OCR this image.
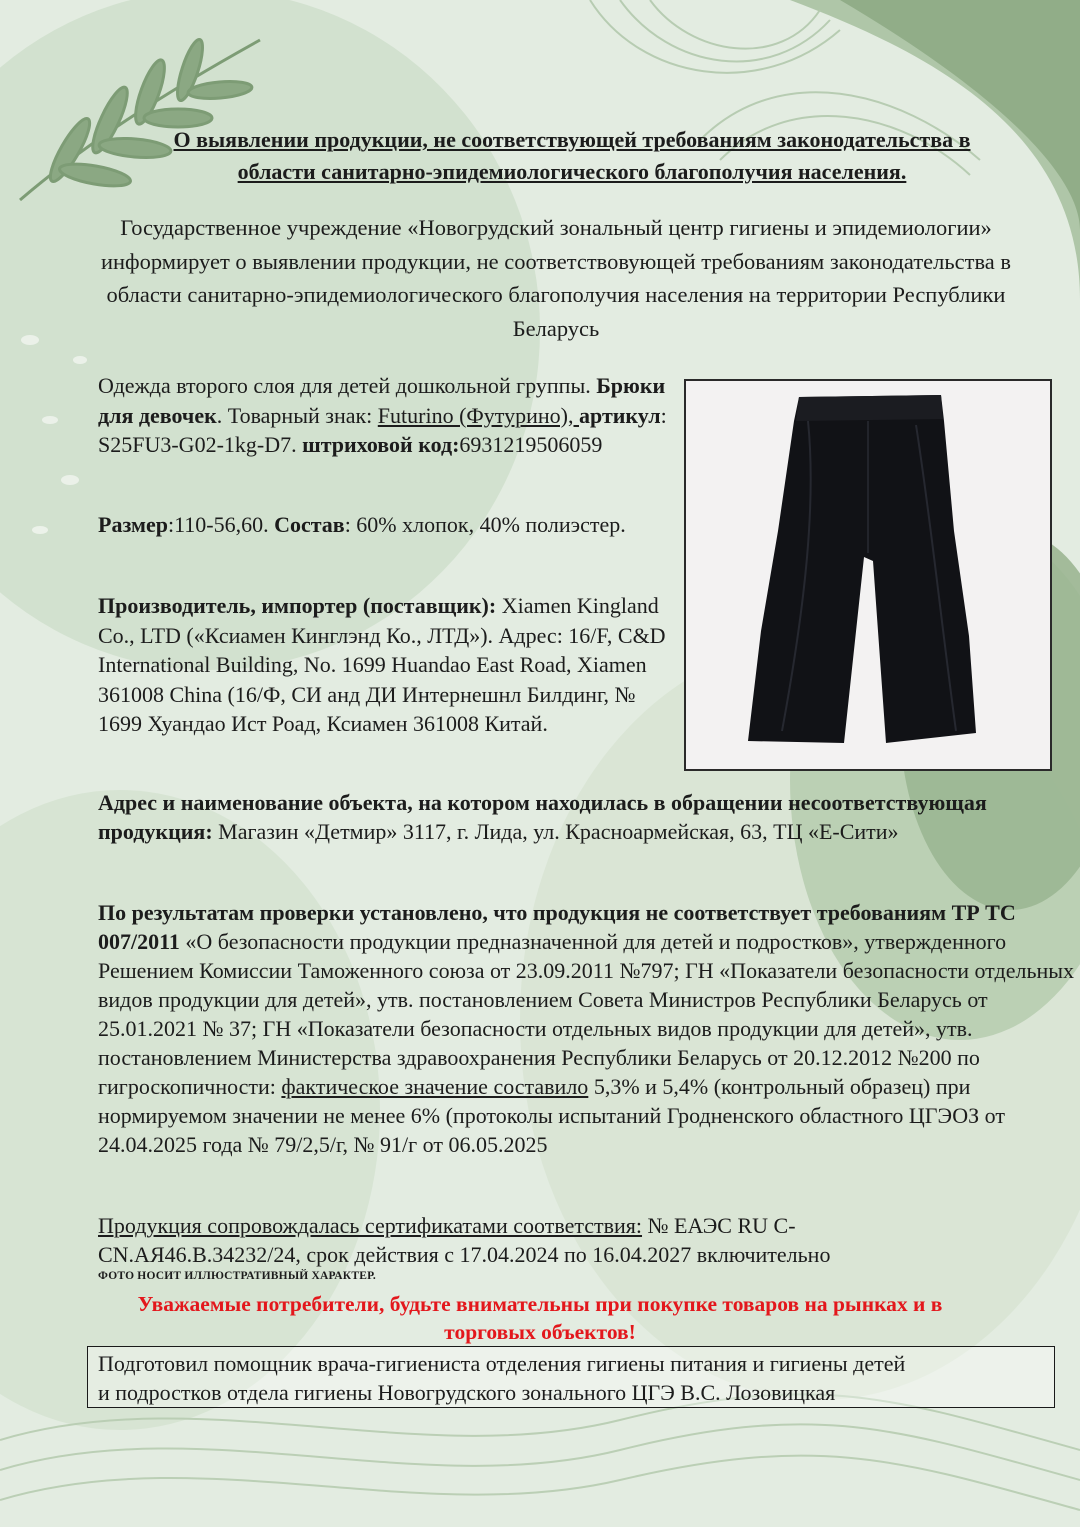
О выявлении продукции, не соответствующей требованиям законодательства в
области санитарно-эпидемиологического благополучия населения.
Государственное учреждение «Новогрудский зональный центр гигиены и эпидемиологии»
информирует о выявлении продукции, не соответствовующей требованиям законодательства в
области санитарно-эпидемиологического благополучия населения на территории Республики
Беларусь
Одежда второго слоя для детей дошкольной группы. Брюки для девочек. Товарный знак: Futurino (Футурино), артикул: S25FU3-G02-1kg-D7. штриховой код:6931219506059
Размер:110-56,60. Состав: 60% хлопок, 40% полиэстер.
Производитель, импортер (поставщик): Xiamen Kingland Co., LTD («Ксиамен Кинглэнд Ко., ЛТД»). Адрес: 16/F, C&D International Building, No. 1699 Huandao East Road, Xiamen 361008 China (16/Ф, СИ анд ДИ Интернешнл Билдинг, № 1699 Хуандао Ист Роад, Ксиамен 361008 Китай.
Адрес и наименование объекта, на котором находилась в обращении несоответствующая продукция: Магазин «Детмир» 3117, г. Лида, ул. Красноармейская, 63, ТЦ «Е-Сити»
По результатам проверки установлено, что продукция не соответствует требованиям ТР ТС 007/2011 «О безопасности продукции предназначенной для детей и подростков», утвержденного Решением Комиссии Таможенного союза от 23.09.2011 №797; ГН «Показатели безопасности отдельных видов продукции для детей», утв. постановлением Совета Министров Республики Беларусь от 25.01.2021 № 37; ГН «Показатели безопасности отдельных видов продукции для детей», утв. постановлением Министерства здравоохранения Республики Беларусь от 20.12.2012 №200 по гигроскопичности: фактическое значение составило 5,3% и 5,4% (контрольный образец) при нормируемом значении не менее 6% (протоколы испытаний Гродненского областного ЦГЭОЗ от 24.04.2025 года № 79/2,5/г, № 91/г от 06.05.2025
Продукция сопровождалась сертификатами соответствия: № ЕАЭС RU C-CN.АЯ46.В.34232/24, срок действия с 17.04.2024 по 16.04.2027 включительно
ФОТО НОСИТ ИЛЛЮСТРАТИВНЫЙ ХАРАКТЕР.
Уважаемые потребители, будьте внимательны при покупке товаров на рынках и в
торговых объектов!
Подготовил помощник врача-гигиениста отделения гигиены питания и гигиены детей
и подростков отдела гигиены Новогрудского зонального ЦГЭ В.С. Лозовицкая
